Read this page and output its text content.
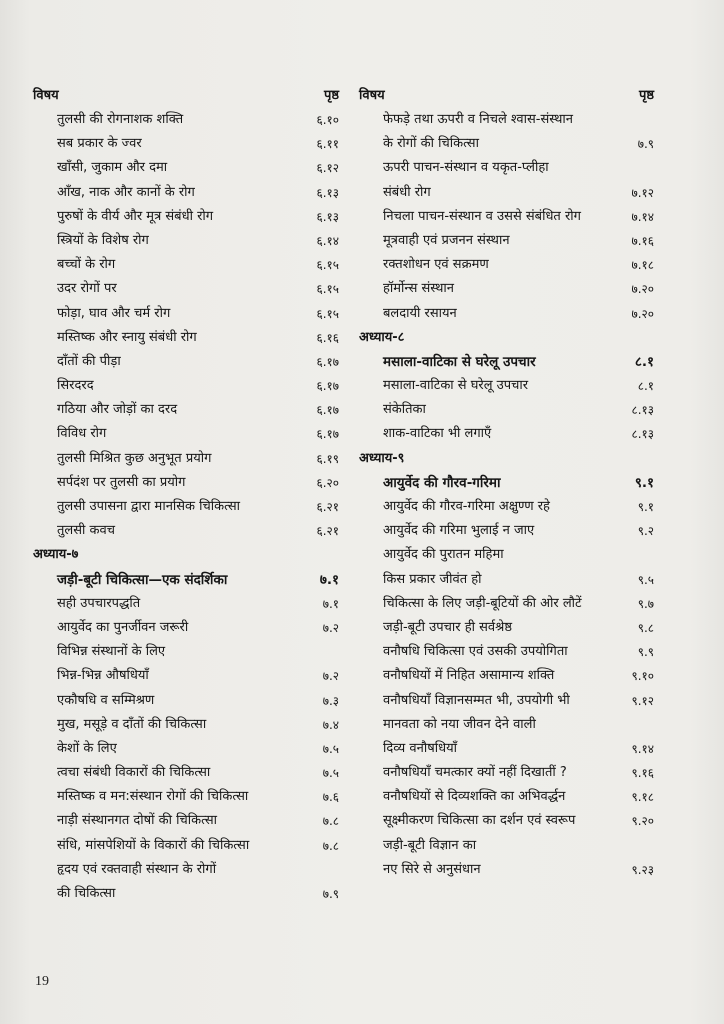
विषय	पृष्ठ
तुलसी की रोगनाशक शक्ति	६.१०
सब प्रकार के ज्वर	६.११
खाँसी, जुकाम और दमा	६.१२
आँख, नाक और कानों के रोग	६.१३
पुरुषों के वीर्य और मूत्र संबंधी रोग	६.१३
स्त्रियों के विशेष रोग	६.१४
बच्चों के रोग	६.१५
उदर रोगों पर	६.१५
फोड़ा, घाव और चर्म रोग	६.१५
मस्तिष्क और स्नायु संबंधी रोग	६.१६
दाँतों की पीड़ा	६.१७
सिरदरद	६.१७
गठिया और जोड़ों का दरद	६.१७
विविध रोग	६.१७
तुलसी मिश्रित कुछ अनुभूत प्रयोग	६.१९
सर्पदंश पर तुलसी का प्रयोग	६.२०
तुलसी उपासना द्वारा मानसिक चिकित्सा	६.२१
तुलसी कवच	६.२१
अध्याय-७
जड़ी-बूटी चिकित्सा—एक संदर्शिका	७.१
सही उपचारपद्धति	७.१
आयुर्वेद का पुनर्जीवन जरूरी	७.२
विभिन्न संस्थानों के लिए
भिन्न-भिन्न औषधियाँ	७.२
एकौषधि व सम्मिश्रण	७.३
मुख, मसूड़े व दाँतों की चिकित्सा	७.४
केशों के लिए	७.५
त्वचा संबंधी विकारों की चिकित्सा	७.५
मस्तिष्क व मन:संस्थान रोगों की चिकित्सा	७.६
नाड़ी संस्थानगत दोषों की चिकित्सा	७.८
संधि, मांसपेशियों के विकारों की चिकित्सा	७.८
हृदय एवं रक्तवाही संस्थान के रोगों
की चिकित्सा	७.९
विषय	पृष्ठ
फेफड़े तथा ऊपरी व निचले श्‍वास-संस्थान
के रोगों की चिकित्सा	७.९
ऊपरी पाचन-संस्थान व यकृत-प्लीहा
संबंधी रोग	७.१२
निचला पाचन-संस्थान व उससे संबंधित रोग	७.१४
मूत्रवाही एवं प्रजनन संस्थान	७.१६
रक्तशोधन एवं सक्रमण	७.१८
हॉर्मोन्स संस्थान	७.२०
बलदायी रसायन	७.२०
अध्याय-८
मसाला-वाटिका से घरेलू उपचार	८.१
मसाला-वाटिका से घरेलू उपचार	८.१
संकेतिका	८.१३
शाक-वाटिका भी लगाएँ	८.१३
अध्याय-९
आयुर्वेद की गौरव-गरिमा	९.१
आयुर्वेद की गौरव-गरिमा अक्षुण्ण रहे	९.१
आयुर्वेद की गरिमा भुलाई न जाए	९.२
आयुर्वेद की पुरातन महिमा
किस प्रकार जीवंत हो	९.५
चिकित्सा के लिए जड़ी-बूटियों की ओर लौटें	९.७
जड़ी-बूटी उपचार ही सर्वश्रेष्ठ	९.८
वनौषधि चिकित्सा एवं उसकी उपयोगिता	९.९
वनौषधियों में निहित असामान्य शक्ति	९.१०
वनौषधियाँ विज्ञानसम्मत भी, उपयोगी भी	९.१२
मानवता को नया जीवन देने वाली
दिव्य वनौषधियाँ	९.१४
वनौषधियाँ चमत्कार क्यों नहीं दिखातीं ?	९.१६
वनौषधियों से दिव्यशक्ति का अभिवर्द्धन	९.१८
सूक्ष्मीकरण चिकित्सा का दर्शन एवं स्वरूप	९.२०
जड़ी-बूटी विज्ञान का
नए सिरे से अनुसंधान	९.२३
19
